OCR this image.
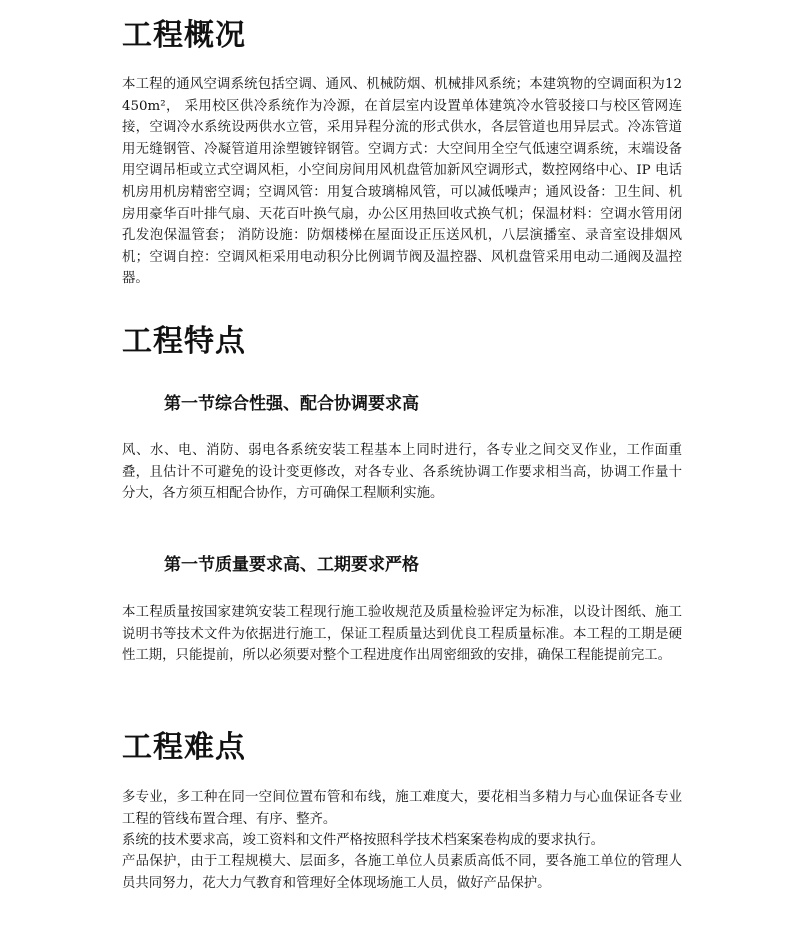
工程概况

本工程的通风空调系统包括空调、通风、机械防烟、机械排风系统；本建筑物的空调面积为12450m²， 采用校区供冷系统作为冷源，在首层室内设置单体建筑冷水管驳接口与校区管网连接，空调冷水系统设两供水立管，采用异程分流的形式供水，各层管道也用异层式。冷冻管道用无缝钢管、冷凝管道用涂塑镀锌钢管。空调方式：大空间用全空气低速空调系统，末端设备用空调吊柜或立式空调风柜，小空间房间用风机盘管加新风空调形式，数控网络中心、IP 电话机房用机房精密空调；空调风管：用复合玻璃棉风管，可以减低噪声；通风设备：卫生间、机房用豪华百叶排气扇、天花百叶换气扇，办公区用热回收式换气机；保温材料：空调水管用闭孔发泡保温管套； 消防设施：防烟楼梯在屋面设正压送风机，八层演播室、录音室设排烟风机；空调自控：空调风柜采用电动积分比例调节阀及温控器、风机盘管采用电动二通阀及温控器。

工程特点
第一节综合性强、配合协调要求高

风、水、电、消防、弱电各系统安装工程基本上同时进行，各专业之间交叉作业，工作面重叠，且估计不可避免的设计变更修改，对各专业、各系统协调工作要求相当高，协调工作量十分大，各方须互相配合协作，方可确保工程顺利实施。

第一节质量要求高、工期要求严格

本工程质量按国家建筑安装工程现行施工验收规范及质量检验评定为标准，以设计图纸、施工说明书等技术文件为依据进行施工，保证工程质量达到优良工程质量标准。本工程的工期是硬性工期，只能提前，所以必须要对整个工程进度作出周密细致的安排，确保工程能提前完工。

工程难点

多专业，多工种在同一空间位置布管和布线，施工难度大，要花相当多精力与心血保证各专业工程的管线布置合理、有序、整齐。

系统的技术要求高，竣工资料和文件严格按照科学技术档案案卷构成的要求执行。

产品保护，由于工程规模大、层面多，各施工单位人员素质高低不同，要各施工单位的管理人员共同努力，花大力气教育和管理好全体现场施工人员，做好产品保护。
